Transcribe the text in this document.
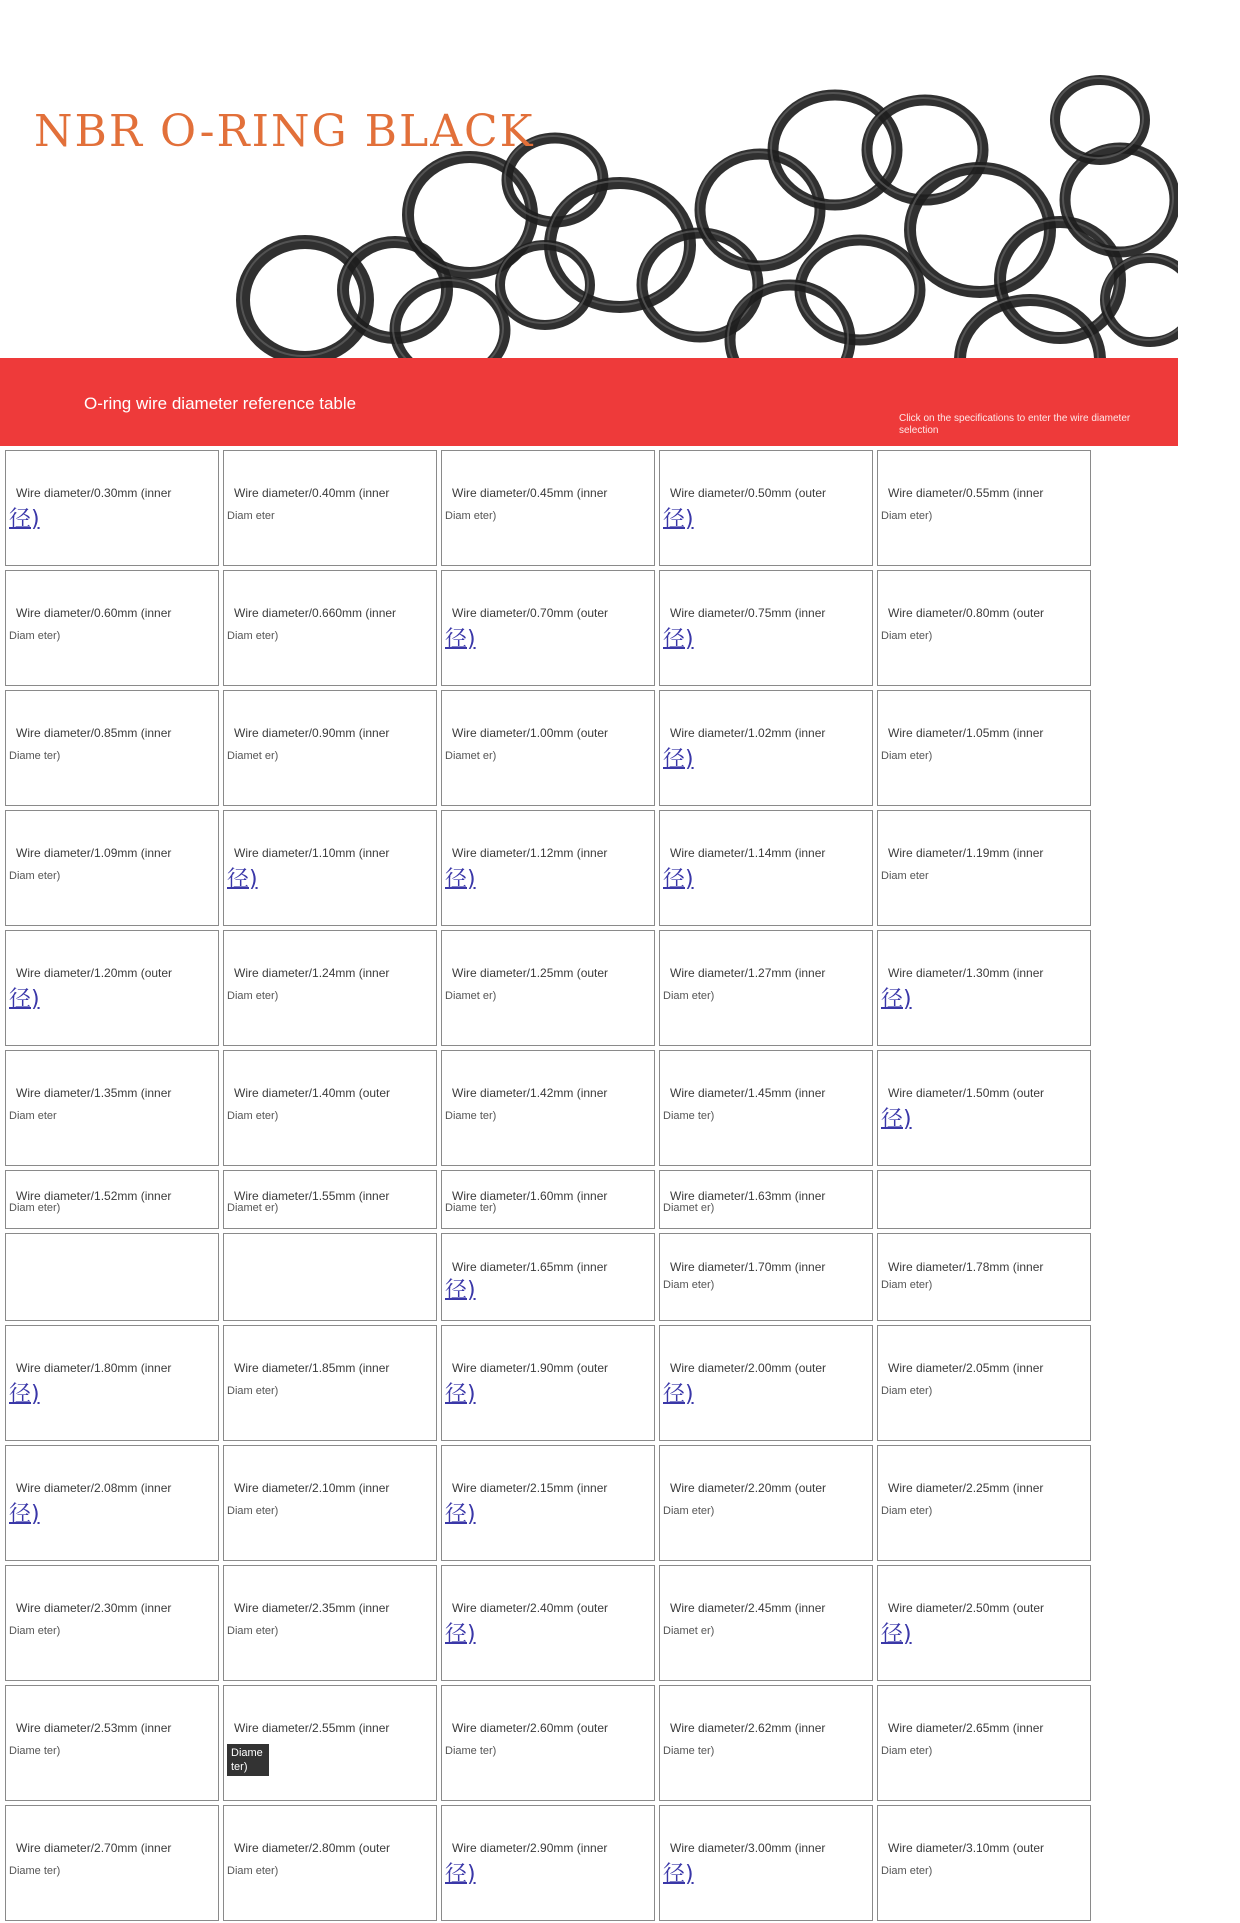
NBR O-RING BLACK
O-ring wire diameter reference table
Click on the specifications to enter the wire diameter selection
Wire diameter/0.30mm (inner
径)
Wire diameter/0.40mm (inner
Diam eter
Wire diameter/0.45mm (inner
Diam eter)
Wire diameter/0.50mm (outer
径)
Wire diameter/0.55mm (inner
Diam eter)
Wire diameter/0.60mm (inner
Diam eter)
Wire diameter/0.660mm (inner
Diam eter)
Wire diameter/0.70mm (outer
径)
Wire diameter/0.75mm (inner
径)
Wire diameter/0.80mm (outer
Diam eter)
Wire diameter/0.85mm (inner
Diame ter)
Wire diameter/0.90mm (inner
Diamet er)
Wire diameter/1.00mm (outer
Diamet er)
Wire diameter/1.02mm (inner
径)
Wire diameter/1.05mm (inner
Diam eter)
Wire diameter/1.09mm (inner
Diam eter)
Wire diameter/1.10mm (inner
径)
Wire diameter/1.12mm (inner
径)
Wire diameter/1.14mm (inner
径)
Wire diameter/1.19mm (inner
Diam eter
Wire diameter/1.20mm (outer
径)
Wire diameter/1.24mm (inner
Diam eter)
Wire diameter/1.25mm (outer
Diamet er)
Wire diameter/1.27mm (inner
Diam eter)
Wire diameter/1.30mm (inner
径)
Wire diameter/1.35mm (inner
Diam eter
Wire diameter/1.40mm (outer
Diam eter)
Wire diameter/1.42mm (inner
Diame ter)
Wire diameter/1.45mm (inner
Diame ter)
Wire diameter/1.50mm (outer
径)
Wire diameter/1.52mm (inner
Diam eter)
Wire diameter/1.55mm (inner
Diamet er)
Wire diameter/1.60mm (inner
Diame ter)
Wire diameter/1.63mm (inner
Diamet er)
Wire diameter/1.65mm (inner
径)
Wire diameter/1.70mm (inner
Diam eter)
Wire diameter/1.78mm (inner
Diam eter)
Wire diameter/1.80mm (inner
径)
Wire diameter/1.85mm (inner
Diam eter)
Wire diameter/1.90mm (outer
径)
Wire diameter/2.00mm (outer
径)
Wire diameter/2.05mm (inner
Diam eter)
Wire diameter/2.08mm (inner
径)
Wire diameter/2.10mm (inner
Diam eter)
Wire diameter/2.15mm (inner
径)
Wire diameter/2.20mm (outer
Diam eter)
Wire diameter/2.25mm (inner
Diam eter)
Wire diameter/2.30mm (inner
Diam eter)
Wire diameter/2.35mm (inner
Diam eter)
Wire diameter/2.40mm (outer
径)
Wire diameter/2.45mm (inner
Diamet er)
Wire diameter/2.50mm (outer
径)
Wire diameter/2.53mm (inner
Diame ter)
Wire diameter/2.55mm (inner
Diame ter)
Wire diameter/2.60mm (outer
Diame ter)
Wire diameter/2.62mm (inner
Diame ter)
Wire diameter/2.65mm (inner
Diam eter)
Wire diameter/2.70mm (inner
Diame ter)
Wire diameter/2.80mm (outer
Diam eter)
Wire diameter/2.90mm (inner
径)
Wire diameter/3.00mm (inner
径)
Wire diameter/3.10mm (outer
Diam eter)
